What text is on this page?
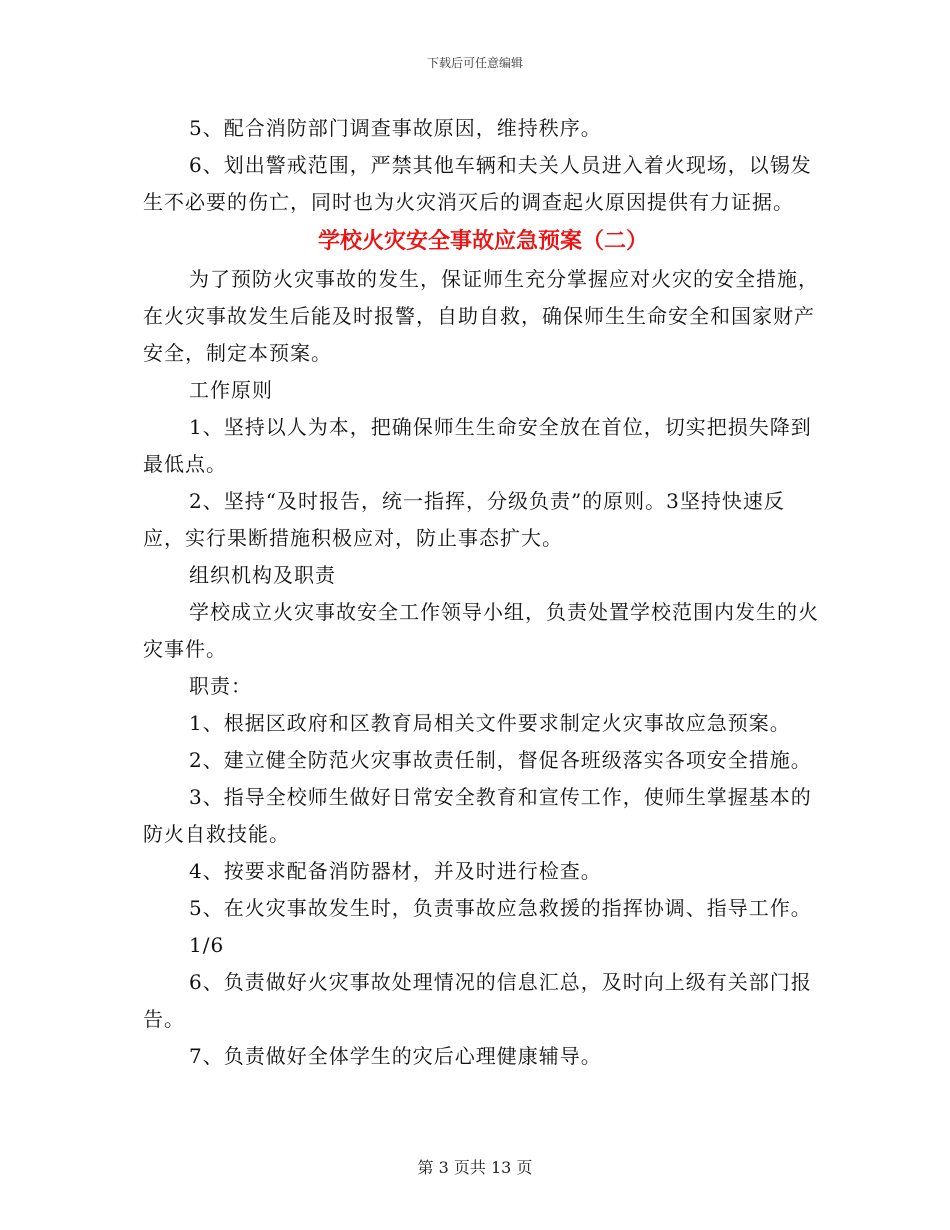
下载后可任意编辑

5、配合消防部门调查事故原因，维持秩序。

6、划出警戒范围，严禁其他车辆和夫关人员进入着火现场，以锡发生不必要的伤亡，同时也为火灾消灭后的调查起火原因提供有力证据。

学校火灾安全事故应急预案（二）

为了预防火灾事故的发生，保证师生充分掌握应对火灾的安全措施，在火灾事故发生后能及时报警，自助自救，确保师生生命安全和国家财产安全，制定本预案。

工作原则

1、坚持以人为本，把确保师生生命安全放在首位，切实把损失降到最低点。

2、坚持“及时报告，统一指挥，分级负责”的原则。3坚持快速反应，实行果断措施积极应对，防止事态扩大。

组织机构及职责

学校成立火灾事故安全工作领导小组，负责处置学校范围内发生的火灾事件。

职责：

1、根据区政府和区教育局相关文件要求制定火灾事故应急预案。

2、建立健全防范火灾事故责任制，督促各班级落实各项安全措施。

3、指导全校师生做好日常安全教育和宣传工作，使师生掌握基本的防火自救技能。

4、按要求配备消防器材，并及时进行检查。

5、在火灾事故发生时，负责事故应急救援的指挥协调、指导工作。

1/6

6、负责做好火灾事故处理情况的信息汇总，及时向上级有关部门报告。

7、负责做好全体学生的灾后心理健康辅导。

第 3 页共 13 页
